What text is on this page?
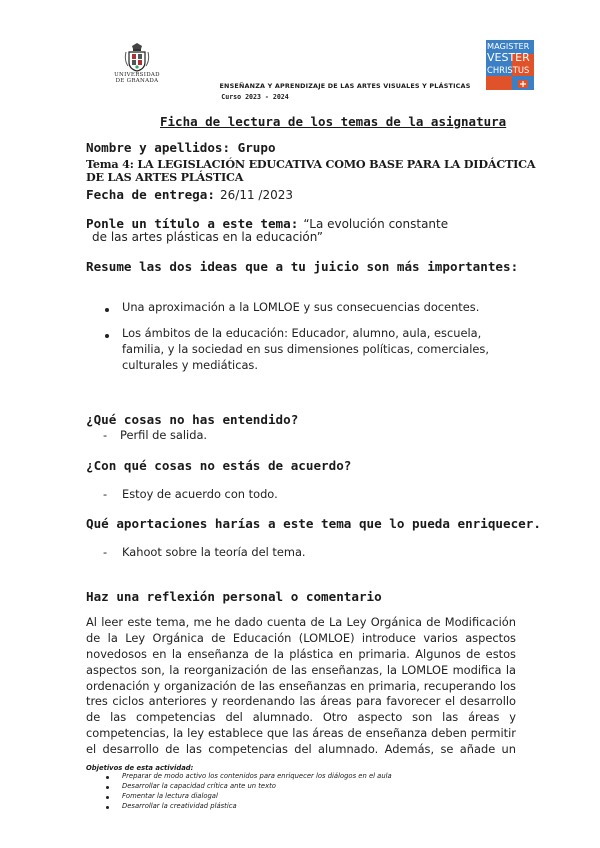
UNIVERSIDAD
DE GRANADA
MAGISTER
VESTER
CHRISTUS
ENSEÑANZA Y APRENDIZAJE DE LAS ARTES VISUALES Y PLÁSTICAS
Curso 2023 - 2024
Ficha de lectura de los temas de la asignatura
Nombre y apellidos: Grupo
Tema 4: LA LEGISLACIÓN EDUCATIVA COMO BASE PARA LA DIDÁCTICA
DE LAS ARTES PLÁSTICA
Fecha de entrega: 26/11 /2023
Ponle un título a este tema: “La evolución constante
de las artes plásticas en la educación”
Resume las dos ideas que a tu juicio son más importantes:
Una aproximación a la LOMLOE y sus consecuencias docentes.
Los ámbitos de la educación: Educador, alumno, aula, escuela,
familia, y la sociedad en sus dimensiones políticas, comerciales,
culturales y mediáticas.
¿Qué cosas no has entendido?
- Perfil de salida.
¿Con qué cosas no estás de acuerdo?
- Estoy de acuerdo con todo.
Qué aportaciones harías a este tema que lo pueda enriquecer.
- Kahoot sobre la teoría del tema.
Haz una reflexión personal o comentario
Al leer este tema, me he dado cuenta de La Ley Orgánica de Modificación
de la Ley Orgánica de Educación (LOMLOE) introduce varios aspectos
novedosos en la enseñanza de la plástica en primaria. Algunos de estos
aspectos son, la reorganización de las enseñanzas, la LOMLOE modifica la
ordenación y organización de las enseñanzas en primaria, recuperando los
tres ciclos anteriores y reordenando las áreas para favorecer el desarrollo
de las competencias del alumnado. Otro aspecto son las áreas y
competencias, la ley establece que las áreas de enseñanza deben permitir
el desarrollo de las competencias del alumnado. Además, se añade un
Objetivos de esta actividad:
Preparar de modo activo los contenidos para enriquecer los diálogos en el aula
Desarrollar la capacidad crítica ante un texto
Fomentar la lectura dialogal
Desarrollar la creatividad plástica
